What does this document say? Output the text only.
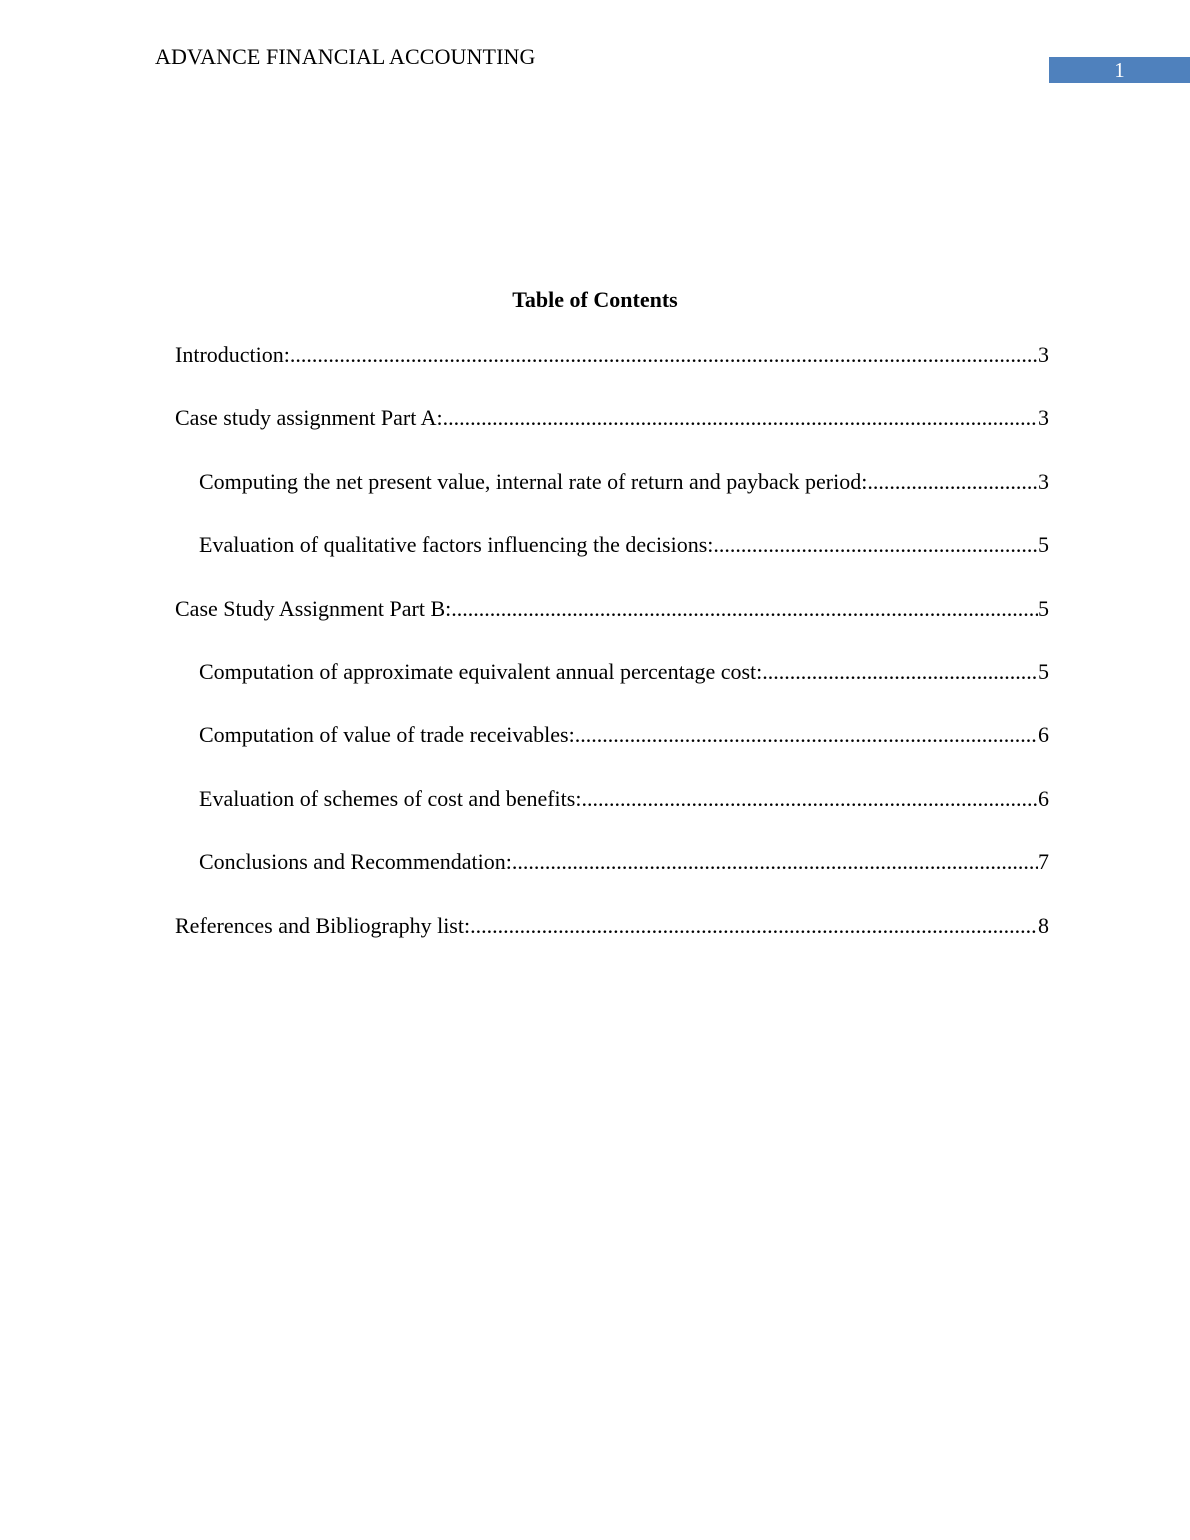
ADVANCE FINANCIAL ACCOUNTING
1
Table of Contents
Introduction: .....	3
Case study assignment Part A: .....	3
Computing the net present value, internal rate of return and payback period: .....	3
Evaluation of qualitative factors influencing the decisions: .....	5
Case Study Assignment Part B: .....	5
Computation of approximate equivalent annual percentage cost: .....	5
Computation of value of trade receivables: .....	6
Evaluation of schemes of cost and benefits: .....	6
Conclusions and Recommendation: .....	7
References and Bibliography list: .....	8
